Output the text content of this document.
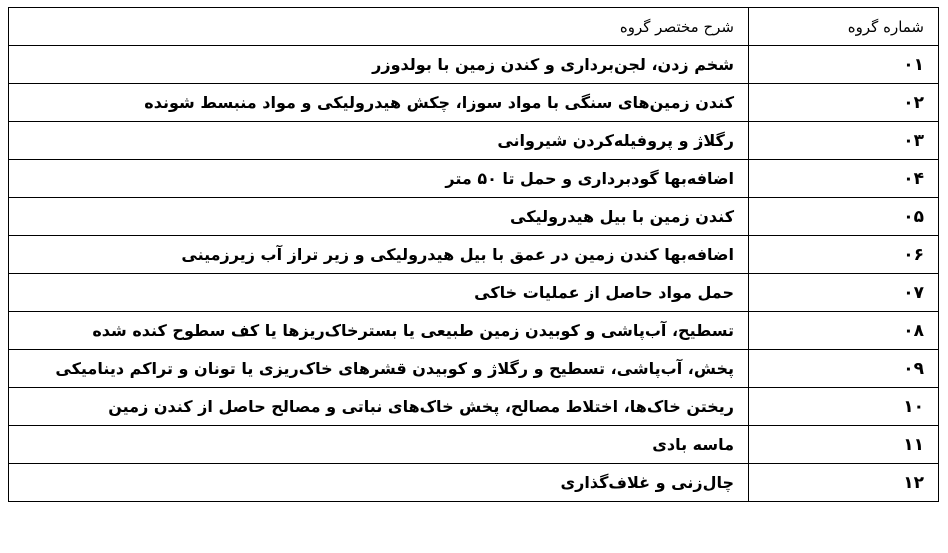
شماره گروه	شرح مختصر گروه
۰۱	شخم زدن، لجن‌برداری و کندن زمین با بولدوزر
۰۲	کندن زمین‌های سنگی با مواد سوزا، چکش هیدرولیکی و مواد منبسط شونده
۰۳	رگلاژ و پروفیله‌کردن شیروانی
۰۴	اضافه‌بها گودبرداری و حمل تا ۵۰ متر
۰۵	کندن زمین با بیل هیدرولیکی
۰۶	اضافه‌بها کندن زمین در عمق با بیل هیدرولیکی و زیر تراز آب زیرزمینی
۰۷	حمل مواد حاصل از عملیات خاکی
۰۸	تسطیح، آب‌پاشی و کوبیدن زمین طبیعی یا بسترخاک‌ریزها یا کف سطوح کنده شده
۰۹	پخش، آب‌پاشی، تسطیح و رگلاژ و کوبیدن قشرهای خاک‌ریزی یا تونان و تراکم دینامیکی
۱۰	ریختن خاک‌ها، اختلاط مصالح، پخش خاک‌های نباتی و مصالح حاصل از کندن زمین
۱۱	ماسه بادی
۱۲	چال‌زنی و غلاف‌گذاری
